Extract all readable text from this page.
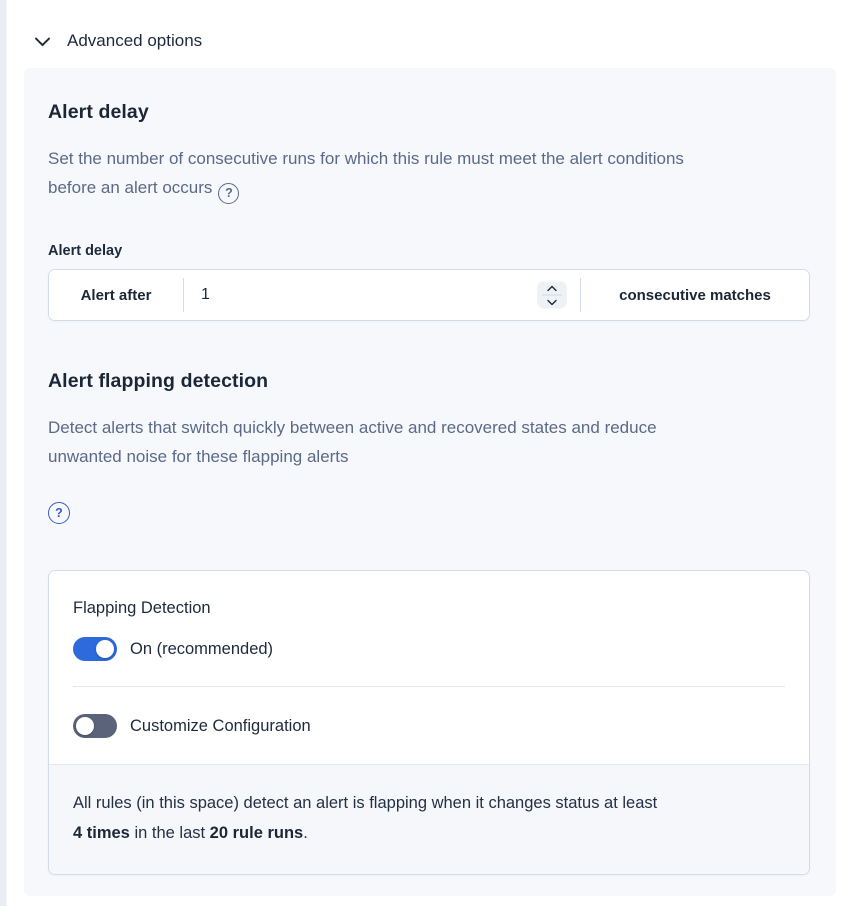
Advanced options
Alert delay
Set the number of consecutive runs for which this rule must meet the alert conditions before an alert occurs ?
Alert delay
Alert after
1	consecutive matches
Alert flapping detection
Detect alerts that switch quickly between active and recovered states and reduce unwanted noise for these flapping alerts
?
Flapping Detection
On (recommended)
Customize Configuration
All rules (in this space) detect an alert is flapping when it changes status at least 4 times in the last 20 rule runs.
